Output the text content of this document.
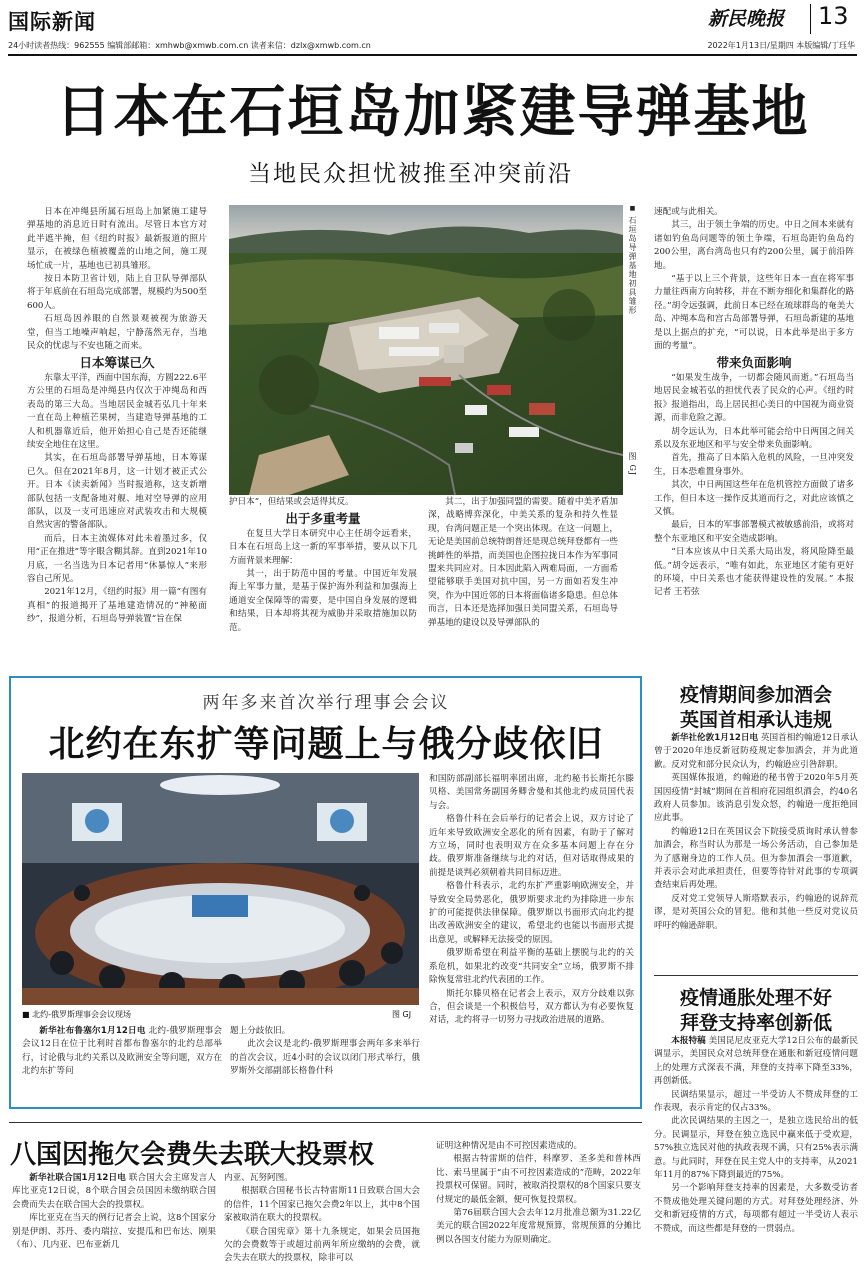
国际新闻	新民晚报 13
24小时读者热线：962555 编辑部邮箱：xmhwb@xmwb.com.cn 读者来信：dzlx@xmwb.com.cn	2022年1月13日/星期四 本版编辑/丁珏华
日本在石垣岛加紧建导弹基地
当地民众担忧被推至冲突前沿

日本在冲绳县所属石垣岛上加紧施工建导弹基地的消息近日时有流出。尽管日本官方对此半遮半掩，但《纽约时报》最新报道的照片显示，在被绿色植被覆盖的山地之间，施工现场忙成一片，基地也已初具雏形。

按日本防卫省计划，陆上自卫队导弹部队将于年底前在石垣岛完成部署，规模约为500至600人。

石垣岛因养眼的自然景观被视为旅游天堂，但当工地噪声响起，宁静荡然无存，当地民众的忧虑与不安也随之而来。

日本筹谋已久

东靠太平洋，西面中国东海，方圆222.6平方公里的石垣岛是冲绳县内仅次于冲绳岛和西表岛的第三大岛。当地居民金城若弘几十年来一直在岛上种植芒果树，当建造导弹基地的工人和机器靠近后，他开始担心自己是否还能继续安全地住在这里。

其实，在石垣岛部署导弹基地，日本筹谋已久。但在2021年8月，这一计划才被正式公开。日本《读卖新闻》当时报道称，这支新增部队包括一支配备地对舰、地对空导弹的应用部队，以及一支可迅速应对武装攻击和大规模自然灾害的警备部队。

而后，日本主流媒体对此未着墨过多，仅用“正在推进”等字眼含糊其辞。直到2021年10月底，一名当选为日本记者用“休暴惊人”来形容自己所见。

2021年12月，《纽约时报》用一篇“有图有真相”的报道揭开了基地建造情况的“神秘面纱”，报道分析，石垣岛导弹装置“旨在保

■ 石垣岛导弹基地初具雏形
图 GJ

护日本”，但结果或会适得其反。

出于多重考量

在复旦大学日本研究中心主任胡令远看来，日本在石垣岛上这一新的军事举措，要从以下几方面背景来理解：

其一，出于防范中国的考量。中国近年发展海上军事力量，是基于保护海外利益和加强海上通道安全保障等的需要，是中国自身发展的逻辑和结果，日本却将其视为威胁并采取措施加以防范。

其二，出于加强同盟的需要。随着中美矛盾加深，战略博弈深化，中美关系的复杂和持久性显现，台湾问题正是一个突出体现。在这一问题上，无论是美国前总统特朗普还是现总统拜登都有一些挑衅性的举措，而美国也企图拉拢日本作为军事同盟来共同应对。日本因此陷入两难局面，一方面希望能够联手美国对抗中国，另一方面如若发生冲突，作为中国近邻的日本将面临诸多隐患。但总体而言，日本还是选择加强日美同盟关系，石垣岛导弹基地的建设以及导弹部队的

速配或与此相关。

其三，出于领土争端的历史。中日之间本来就有诸如钓鱼岛问题等的领土争端，石垣岛距钓鱼岛约200公里，离台湾岛也只有约200公里，属于前沿阵地。

“基于以上三个背景，这些年日本一直在将军事力量往西南方向转移，并在不断夯细化和集群化的路径。”胡令远强调，此前日本已经在琉球群岛的奄美大岛、冲绳本岛和宫古岛部署导弹，石垣岛新建的基地是以上据点的扩充，“可以说，日本此举是出于多方面的考量”。

带来负面影响

“如果发生战争，一切都会随风而逝。”石垣岛当地居民金城若弘的担忧代表了民众的心声。《纽约时报》报道指出，岛上居民担心美日的中国视为商业资源，而非危险之源。

胡令远认为，日本此举可能会给中日两国之间关系以及东亚地区和平与安全带来负面影响。

首先，推高了日本陷入危机的风险，一旦冲突发生，日本恐难置身事外。

其次，中日两国这些年在危机管控方面做了诸多工作，但日本这一操作反其道而行之，对此应该慎之又慎。

最后，日本的军事部署模式被敏感前沿，或将对整个东亚地区和平安全造成影响。

“日本应该从中日关系大局出发，将风险降至最低。”胡令远表示，“唯有如此，东亚地区才能有更好的环境，中日关系也才能获得建设性的发展。” 本报记者 王若弦

两年多来首次举行理事会会议
北约在东扩等问题上与俄分歧依旧
■ 北约-俄罗斯理事会会议现场	图 GJ

新华社布鲁塞尔1月12日电 北约-俄罗斯理事会会议12日在位于比利时首都布鲁塞尔的北约总部举行，讨论俄与北约关系以及欧洲安全等问题，双方在北约东扩等问

题上分歧依旧。

此次会议是北约-俄罗斯理事会两年多来举行的首次会议，近4小时的会议以闭门形式举行，俄罗斯外交部副部长格鲁什科

和国防部副部长福明率团出席，北约秘书长斯托尔滕贝格、美国常务副国务卿舍曼和其他北约成员国代表与会。

格鲁什科在会后举行的记者会上说，双方讨论了近年来导致欧洲安全恶化的所有因素，有助于了解对方立场，同时也表明双方在众多基本问题上存在分歧。俄罗斯准备继续与北约对话，但对话取得成果的前提是谈判必须朝着共同目标迈进。

格鲁什科表示，北约东扩严重影响欧洲安全，并导致安全局势恶化，俄罗斯要求北约为排除进一步东扩的可能提供法律保障。俄罗斯以书面形式向北约提出改善欧洲安全的建议，希望北约也能以书面形式提出意见，或解释无法接受的原因。

俄罗斯希望在利益平衡的基础上摆脱与北约的关系危机，如果北约改变“共同安全”立场，俄罗斯不排除恢复常驻北约代表团的工作。

斯托尔滕贝格在记者会上表示，双方分歧难以弥合，但会谈是一个积极信号，双方都认为有必要恢复对话，北约将寻一切努力寻找政治进展的道路。

疫情期间参加酒会
英国首相承认违规

新华社伦敦1月12日电 英国首相约翰逊12日承认曾于2020年违反新冠防疫规定参加酒会，并为此道歉。反对党和部分民众认为，约翰逊应引咎辞职。

英国媒体报道，约翰逊的秘书曾于2020年5月英国因疫情“封城”期间在首相府花园组织酒会，约40名政府人员参加。该消息引发众怒，约翰逊一度拒绝回应此事。

约翰逊12日在英国议会下院接受质询时承认曾参加酒会，称当时认为那是一场公务活动，自己参加是为了感谢身边的工作人员。但为参加酒会一事道歉，并表示会对此承担责任，但要等待针对此事的专项调查结束后再处理。

反对党工党领导人斯塔默表示，约翰逊的说辞荒谬，是对英国公众的冒犯。他和其他一些反对党议员呼吁约翰逊辞职。

疫情通胀处理不好
拜登支持率创新低

本报特稿 美国昆尼皮亚克大学12日公布的最新民调显示，美国民众对总统拜登在通胀和新冠疫情问题上的处理方式深表不满，拜登的支持率下降至33%，再创新低。

民调结果显示，超过一半受访人不赞成拜登的工作表现，表示肯定的仅占33%。

此次民调结果的主因之一，是独立选民给出的低分。民调显示，拜登在独立选民中赢来低于受欢迎，57%独立选民对他的执政表现不满，只有25%表示满意。与此同时，拜登在民主党人中的支持率，从2021年11月的87%下降到最近的75%。

另一个影响拜登支持率的因素是，大多数受访者不赞成他处理关键问题的方式。对拜登处理经济、外交和新冠疫情的方式，每项都有超过一半受访人表示不赞成，而这些都是拜登的一贯弱点。

八国因拖欠会费失去联大投票权

新华社联合国1月12日电 联合国大会主席发言人库比亚克12日说，8个联合国会员国因未缴纳联合国会费而失去在联合国大会的投票权。

库比亚克在当天的例行记者会上说，这8个国家分别是伊朗、苏丹、委内瑞拉、安提瓜和巴布达、刚果（布）、几内亚、巴布亚新几

内亚、瓦努阿图。

根据联合国秘书长古特雷斯11日致联合国大会的信件，11个国家已拖欠会费2年以上，其中8个国家被取消在联大的投票权。

《联合国宪章》第十九条规定，如果会员国拖欠的会费数等于或超过前两年所应缴纳的会费，就会失去在联大的投票权，除非可以

证明这种情况是由不可控因素造成的。

根据古特雷斯的信件，科摩罗、圣多美和普林西比、索马里属于“由不可控因素造成的”范畴，2022年投票权可保留。同时，被取消投票权的8个国家只要支付规定的最低金额，便可恢复投票权。

第76届联合国大会去年12月批准总额为31.22亿美元的联合国2022年度常规预算，常规预算的分摊比例以各国支付能力为原则确定。
